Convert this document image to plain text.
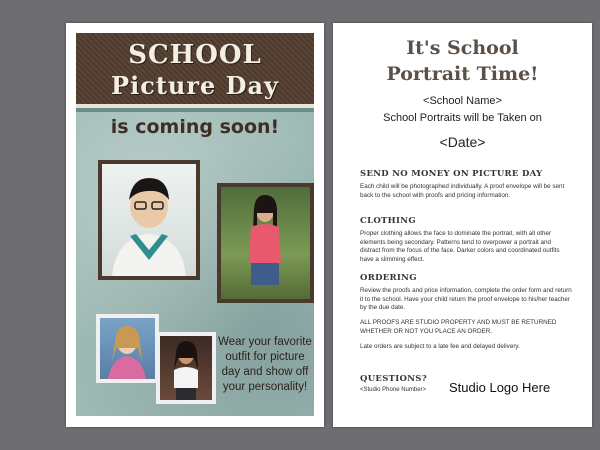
SCHOOL
Picture Day
is coming soon!
Wear your favorite outfit for picture day and show off your personality!
It's School
Portrait Time!
<School Name>
School Portraits will be Taken on
<Date>
SEND NO MONEY ON PICTURE DAY
Each child will be photographed individually. A proof envelope will be sent back to the school with proofs and pricing information.
CLOTHING
Proper clothing allows the face to dominate the portrait, with all other elements being secondary. Patterns tend to overpower a portrait and distract from the focus of the face. Darker colors and coordinated outfits have a slimming effect.
ORDERING
Review the proofs and price information, complete the order form and return it to the school. Have your child return the proof envelope to his/her teacher by the due date.
ALL PROOFS ARE STUDIO PROPERTY AND MUST BE RETURNED WHETHER OR NOT YOU PLACE AN ORDER.
Late orders are subject to a late fee and delayed delivery.
QUESTIONS?
<Studio Phone Number> Studio Logo Here
